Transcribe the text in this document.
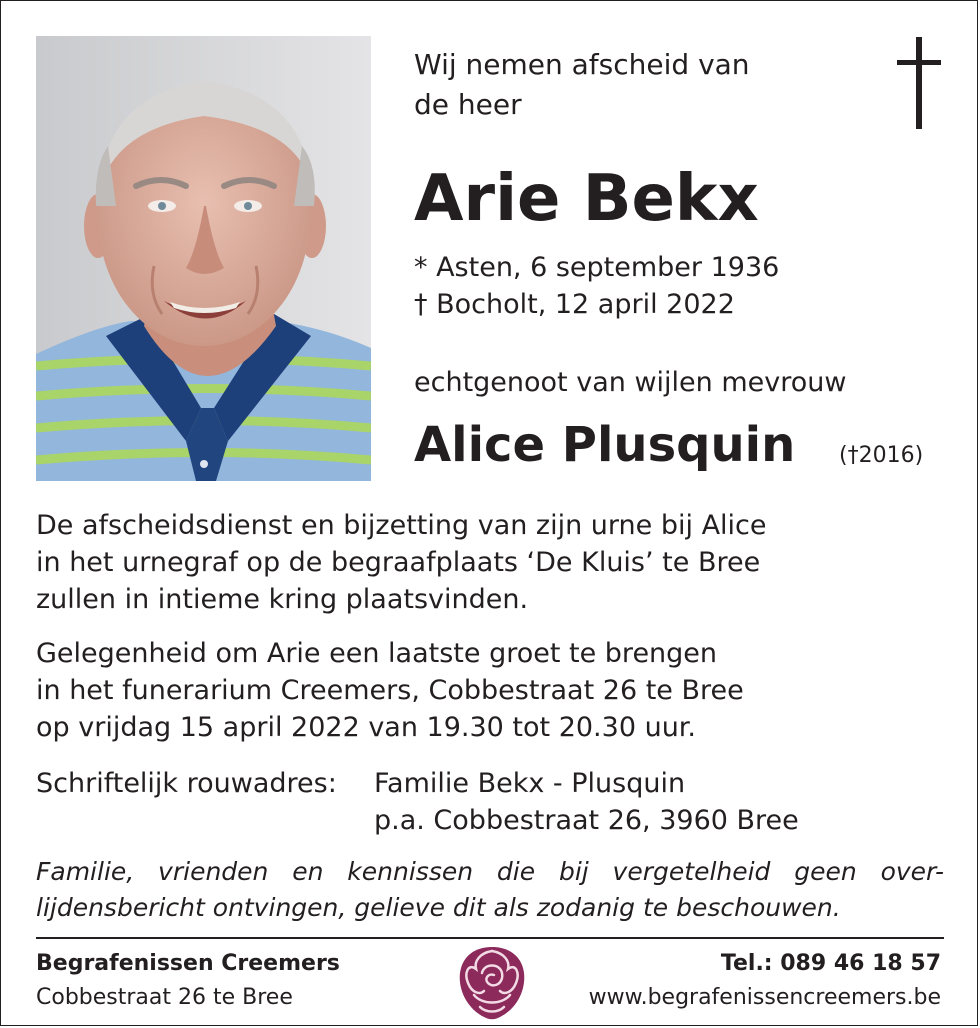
Wij nemen afscheid van
de heer
Arie Bekx
* Asten, 6 september 1936
† Bocholt, 12 april 2022
echtgenoot van wijlen mevrouw
Alice Plusquin (†2016)
De afscheidsdienst en bijzetting van zijn urne bij Alice
in het urnegraf op de begraafplaats ‘De Kluis’ te Bree
zullen in intieme kring plaatsvinden.
Gelegenheid om Arie een laatste groet te brengen
in het funerarium Creemers, Cobbestraat 26 te Bree
op vrijdag 15 april 2022 van 19.30 tot 20.30 uur.
Schriftelijk rouwadres: Familie Bekx - Plusquin
p.a. Cobbestraat 26, 3960 Bree
Familie, vrienden en kennissen die bij vergetelheid geen over-
lijdensbericht ontvingen, gelieve dit als zodanig te beschouwen.
Begrafenissen Creemers
Cobbestraat 26 te Bree
Tel.: 089 46 18 57
www.begrafenissencreemers.be
